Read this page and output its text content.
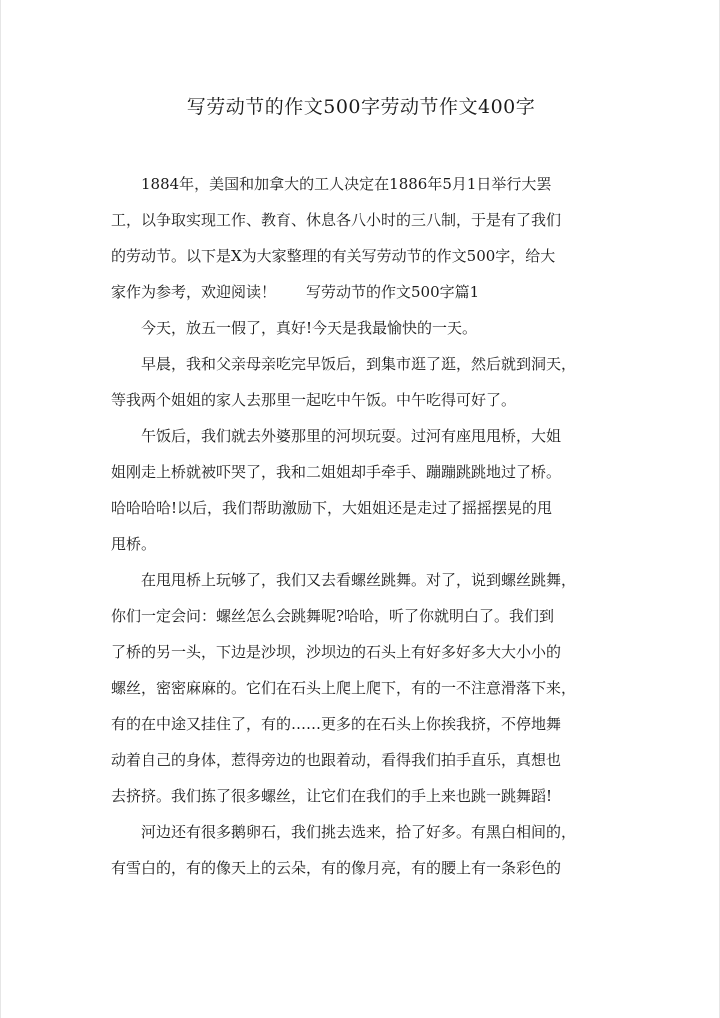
写劳动节的作文500字劳动节作文400字
1884年，美国和加拿大的工人决定在1886年5月1日举行大罢
工，以争取实现工作、教育、休息各八小时的三八制，于是有了我们
的劳动节。以下是X为大家整理的有关写劳动节的作文500字，给大
家作为参考，欢迎阅读！　　写劳动节的作文500字篇1
今天，放五一假了，真好!今天是我最愉快的一天。
早晨，我和父亲母亲吃完早饭后，到集市逛了逛，然后就到洞天，
等我两个姐姐的家人去那里一起吃中午饭。中午吃得可好了。
午饭后，我们就去外婆那里的河坝玩耍。过河有座甩甩桥，大姐
姐刚走上桥就被吓哭了，我和二姐姐却手牵手、蹦蹦跳跳地过了桥。
哈哈哈哈!以后，我们帮助激励下，大姐姐还是走过了摇摇摆晃的甩
甩桥。
在甩甩桥上玩够了，我们又去看螺丝跳舞。对了，说到螺丝跳舞，
你们一定会问：螺丝怎么会跳舞呢?哈哈，听了你就明白了。我们到
了桥的另一头，下边是沙坝，沙坝边的石头上有好多好多大大小小的
螺丝，密密麻麻的。它们在石头上爬上爬下，有的一不注意滑落下来，
有的在中途又挂住了，有的……更多的在石头上你挨我挤，不停地舞
动着自己的身体，惹得旁边的也跟着动，看得我们拍手直乐，真想也
去挤挤。我们拣了很多螺丝，让它们在我们的手上来也跳一跳舞蹈!
河边还有很多鹅卵石，我们挑去选来，拾了好多。有黑白相间的，
有雪白的，有的像天上的云朵，有的像月亮，有的腰上有一条彩色的
